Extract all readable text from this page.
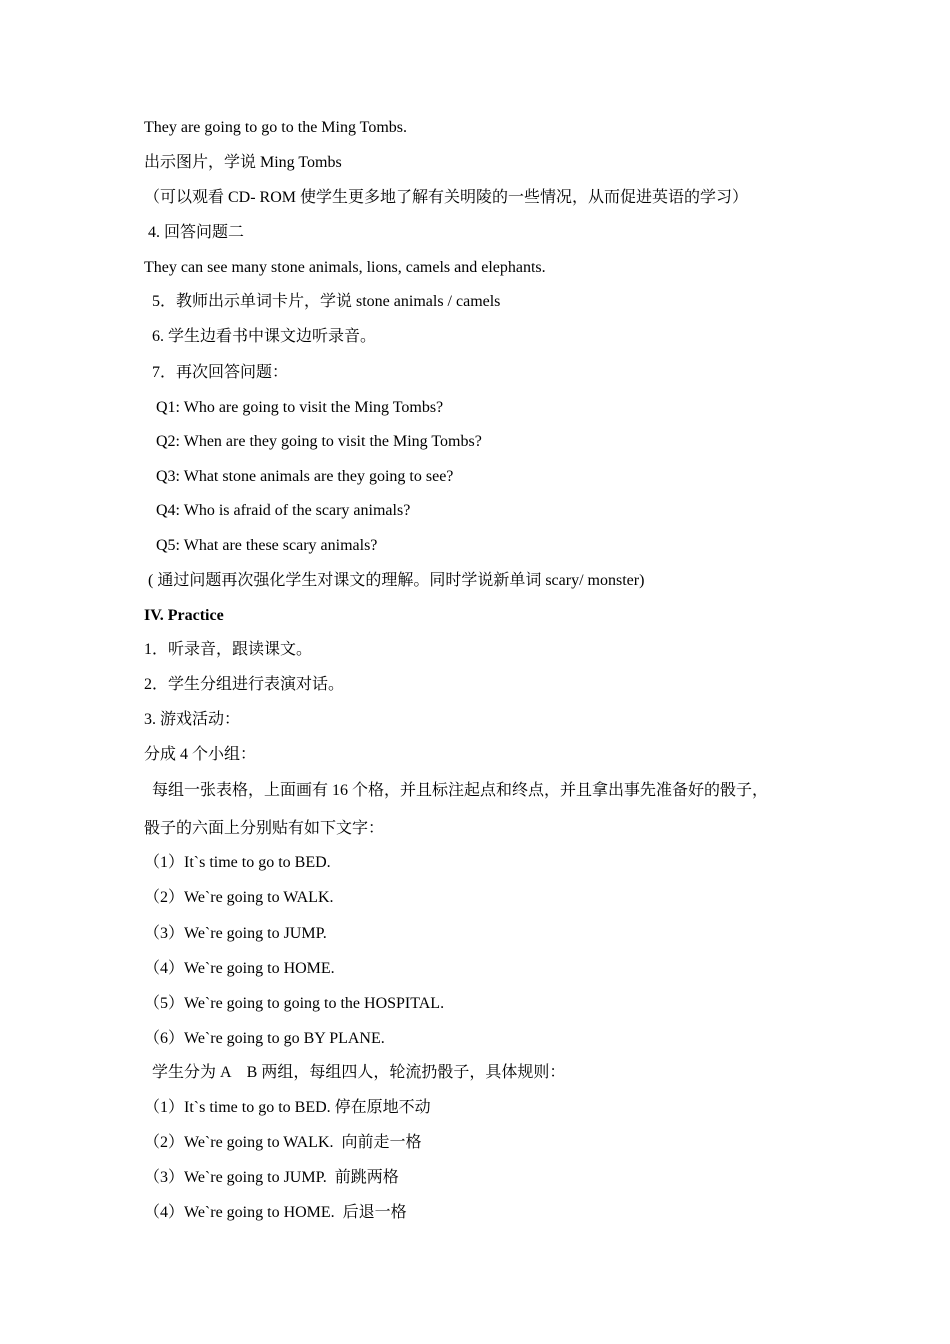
They are going to go to the Ming Tombs.
出示图片，学说 Ming Tombs
（可以观看 CD- ROM 使学生更多地了解有关明陵的一些情况，从而促进英语的学习）
4. 回答问题二
They can see many stone animals, lions, camels and elephants.
5．教师出示单词卡片，学说 stone animals / camels
6. 学生边看书中课文边听录音。
7．再次回答问题：
Q1: Who are going to visit the Ming Tombs?
Q2: When are they going to visit the Ming Tombs?
Q3: What stone animals are they going to see?
Q4: Who is afraid of the scary animals?
Q5: What are these scary animals?
( 通过问题再次强化学生对课文的理解。同时学说新单词 scary/ monster)
IV. Practice
1．听录音，跟读课文。
2．学生分组进行表演对话。
3. 游戏活动：
分成 4 个小组：
每组一张表格，上面画有 16 个格，并且标注起点和终点，并且拿出事先准备好的骰子，
骰子的六面上分别贴有如下文字：
（1）It`s time to go to BED.
（2）We`re going to WALK.
（3）We`re going to JUMP.
（4）We`re going to HOME.
（5）We`re going to going to the HOSPITAL.
（6）We`re going to go BY PLANE.
学生分为 A    B 两组，每组四人，轮流扔骰子，具体规则：
（1）It`s time to go to BED. 停在原地不动
（2）We`re going to WALK.  向前走一格
（3）We`re going to JUMP.  前跳两格
（4）We`re going to HOME.  后退一格
